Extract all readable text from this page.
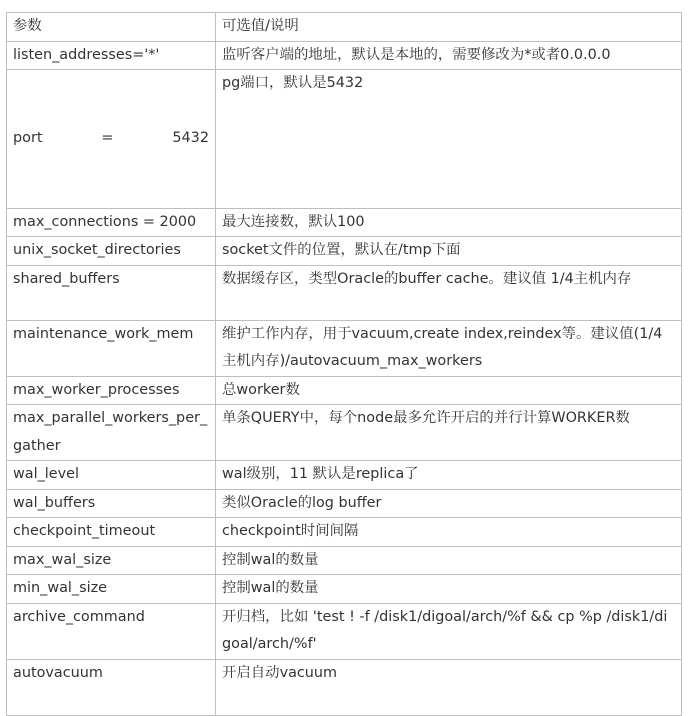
参数	可选值/说明
listen_addresses='*'	监听客户端的地址，默认是本地的，需要修改为*或者0.0.0.0

port = 5432	pg端口，默认是5432
max_connections = 2000	最大连接数，默认100
unix_socket_directories	socket文件的位置，默认在/tmp下面
shared_buffers	数据缓存区，类型Oracle的buffer cache。建议值 1/4主机内存
maintenance_work_mem	维护工作内存，用于vacuum,create index,reindex等。建议值(1/4 主机内存)/autovacuum_max_workers
max_worker_processes	总worker数
max_parallel_workers_per_gather	单条QUERY中，每个node最多允许开启的并行计算WORKER数
wal_level	wal级别，11 默认是replica了
wal_buffers	类似Oracle的log buffer
checkpoint_timeout	checkpoint时间间隔
max_wal_size	控制wal的数量
min_wal_size	控制wal的数量
archive_command	开归档，比如 'test ! -f /disk1/digoal/arch/%f && cp %p /disk1/digoal/arch/%f'
autovacuum	开启自动vacuum
